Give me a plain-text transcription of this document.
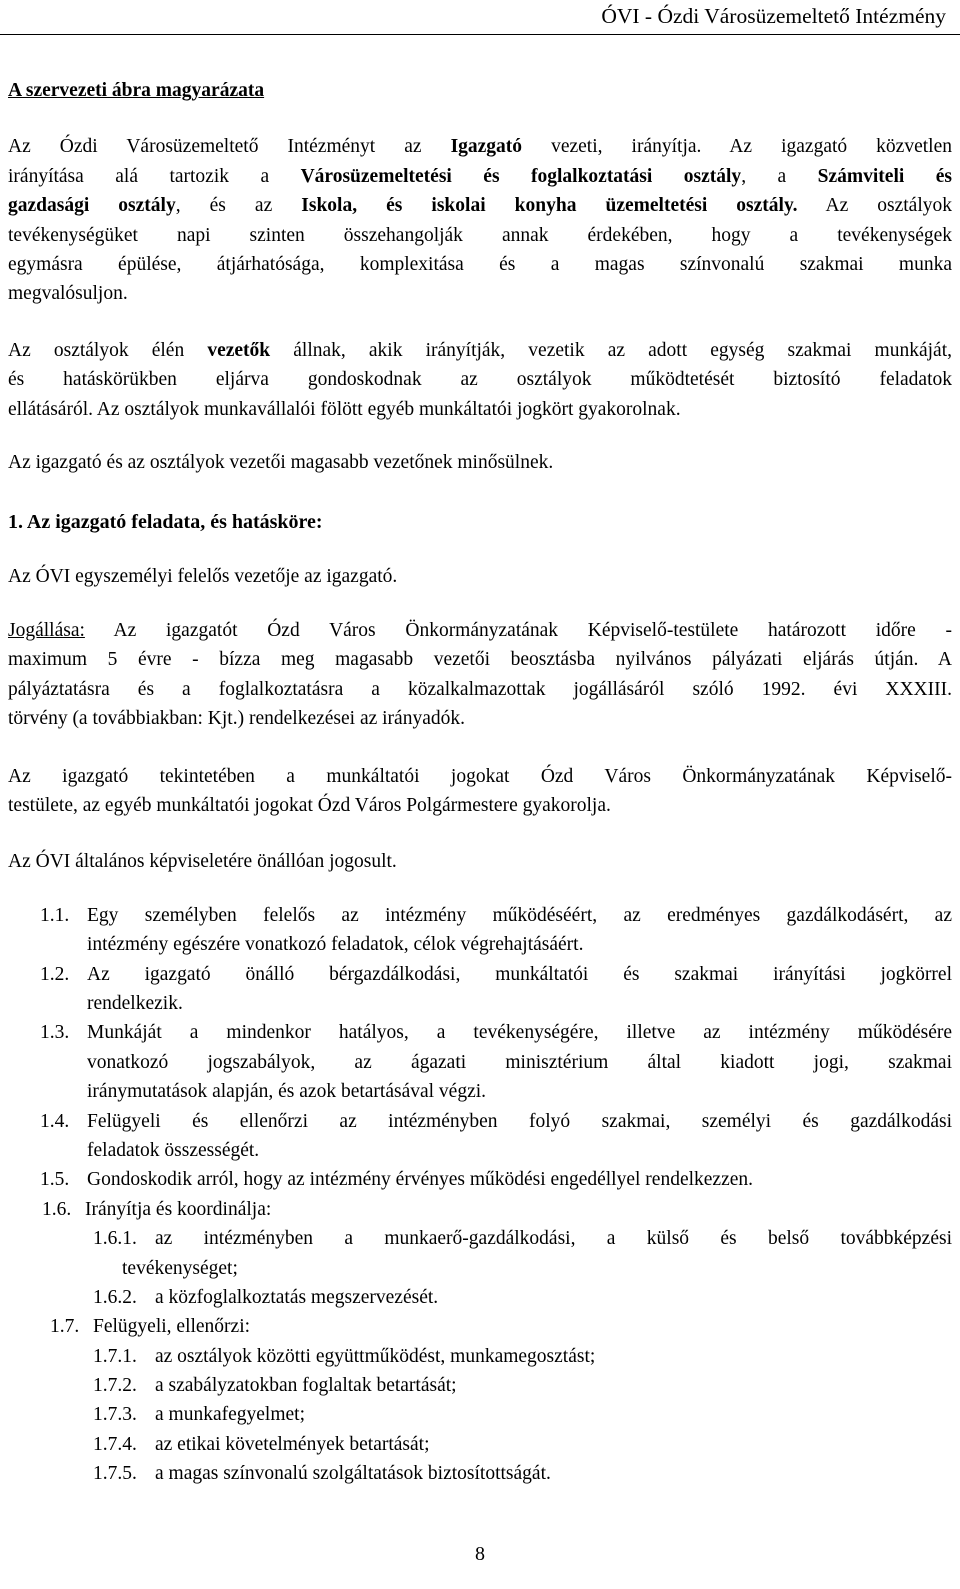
ÓVI - Ózdi Városüzemeltető Intézmény
A szervezeti ábra magyarázata
Az Ózdi Városüzemeltető Intézményt az Igazgató vezeti, irányítja. Az igazgató közvetlen
irányítása alá tartozik a Városüzemeltetési és foglalkoztatási osztály, a Számviteli és
gazdasági osztály, és az Iskola, és iskolai konyha üzemeltetési osztály. Az osztályok
tevékenységüket napi szinten összehangolják annak érdekében, hogy a tevékenységek
egymásra épülése, átjárhatósága, komplexitása és a magas színvonalú szakmai munka
megvalósuljon.
Az osztályok élén vezetők állnak, akik irányítják, vezetik az adott egység szakmai munkáját,
és hatáskörükben eljárva gondoskodnak az osztályok működtetését biztosító feladatok
ellátásáról. Az osztályok munkavállalói fölött egyéb munkáltatói jogkört gyakorolnak.
Az igazgató és az osztályok vezetői magasabb vezetőnek minősülnek.
1. Az igazgató feladata, és hatásköre:
Az ÓVI egyszemélyi felelős vezetője az igazgató.
Jogállása: Az igazgatót Ózd Város Önkormányzatának Képviselő-testülete határozott időre -
maximum 5 évre - bízza meg magasabb vezetői beosztásba nyilvános pályázati eljárás útján. A
pályáztatásra és a foglalkoztatásra a közalkalmazottak jogállásáról szóló 1992. évi XXXIII.
törvény (a továbbiakban: Kjt.) rendelkezései az irányadók.
Az igazgató tekintetében a munkáltatói jogokat Ózd Város Önkormányzatának Képviselő-
testülete, az egyéb munkáltatói jogokat Ózd Város Polgármestere gyakorolja.
Az ÓVI általános képviseletére önállóan jogosult.
1.1. Egy személyben felelős az intézmény működéséért, az eredményes gazdálkodásért, az
intézmény egészére vonatkozó feladatok, célok végrehajtásáért.
1.2. Az igazgató önálló bérgazdálkodási, munkáltatói és szakmai irányítási jogkörrel
rendelkezik.
1.3. Munkáját a mindenkor hatályos, a tevékenységére, illetve az intézmény működésére
vonatkozó jogszabályok, az ágazati minisztérium által kiadott jogi, szakmai
iránymutatások alapján, és azok betartásával végzi.
1.4. Felügyeli és ellenőrzi az intézményben folyó szakmai, személyi és gazdálkodási
feladatok összességét.
1.5. Gondoskodik arról, hogy az intézmény érvényes működési engedéllyel rendelkezzen.
1.6. Irányítja és koordinálja:
1.6.1. az intézményben a munkaerő-gazdálkodási, a külső és belső továbbképzési
tevékenységet;
1.6.2. a közfoglalkoztatás megszervezését.
1.7. Felügyeli, ellenőrzi:
1.7.1. az osztályok közötti együttműködést, munkamegosztást;
1.7.2. a szabályzatokban foglaltak betartását;
1.7.3. a munkafegyelmet;
1.7.4. az etikai követelmények betartását;
1.7.5. a magas színvonalú szolgáltatások biztosítottságát.
8
